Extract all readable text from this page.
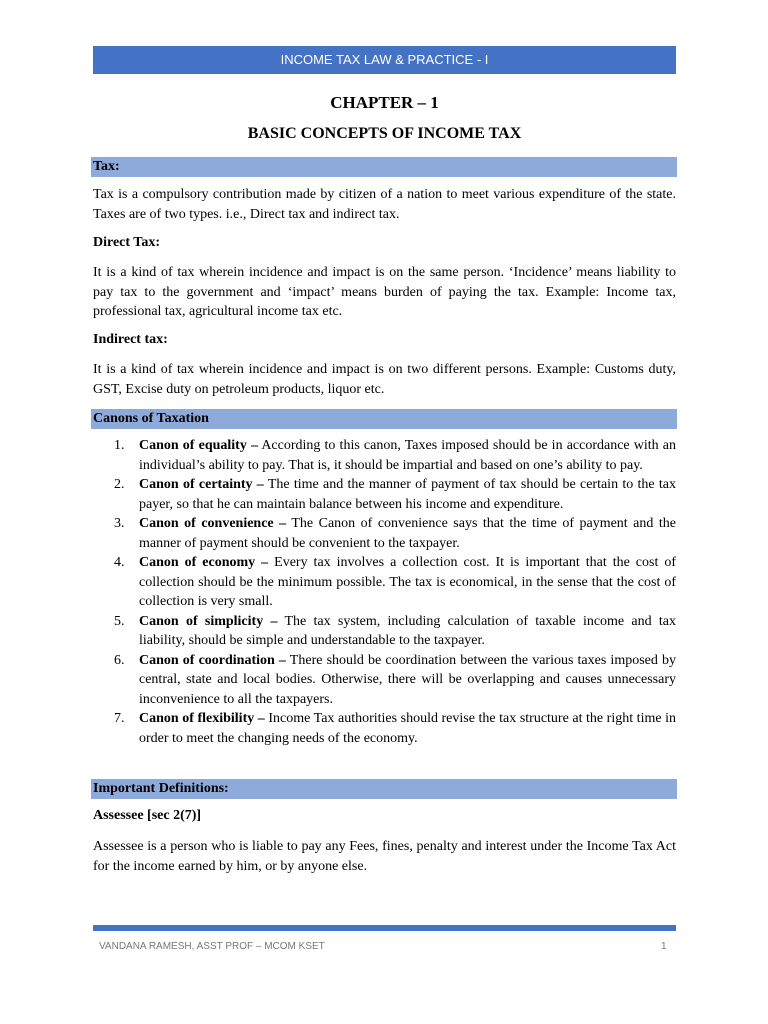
INCOME TAX LAW & PRACTICE - I
CHAPTER – 1
BASIC CONCEPTS OF INCOME TAX
Tax:
Tax is a compulsory contribution made by citizen of a nation to meet various expenditure of the state. Taxes are of two types. i.e., Direct tax and indirect tax.
Direct Tax:
It is a kind of tax wherein incidence and impact is on the same person. ‘Incidence’ means liability to pay tax to the government and ‘impact’ means burden of paying the tax. Example: Income tax, professional tax, agricultural income tax etc.
Indirect tax:
It is a kind of tax wherein incidence and impact is on two different persons. Example: Customs duty, GST, Excise duty on petroleum products, liquor etc.
Canons of Taxation
1. Canon of equality – According to this canon, Taxes imposed should be in accordance with an individual’s ability to pay. That is, it should be impartial and based on one’s ability to pay.
2. Canon of certainty – The time and the manner of payment of tax should be certain to the tax payer, so that he can maintain balance between his income and expenditure.
3. Canon of convenience – The Canon of convenience says that the time of payment and the manner of payment should be convenient to the taxpayer.
4. Canon of economy – Every tax involves a collection cost. It is important that the cost of collection should be the minimum possible. The tax is economical, in the sense that the cost of collection is very small.
5. Canon of simplicity – The tax system, including calculation of taxable income and tax liability, should be simple and understandable to the taxpayer.
6. Canon of coordination – There should be coordination between the various taxes imposed by central, state and local bodies. Otherwise, there will be overlapping and causes unnecessary inconvenience to all the taxpayers.
7. Canon of flexibility – Income Tax authorities should revise the tax structure at the right time in order to meet the changing needs of the economy.
Important Definitions:
Assessee [sec 2(7)]
Assessee is a person who is liable to pay any Fees, fines, penalty and interest under the Income Tax Act for the income earned by him, or by anyone else.
VANDANA RAMESH, ASST PROF – MCOM KSET	1
